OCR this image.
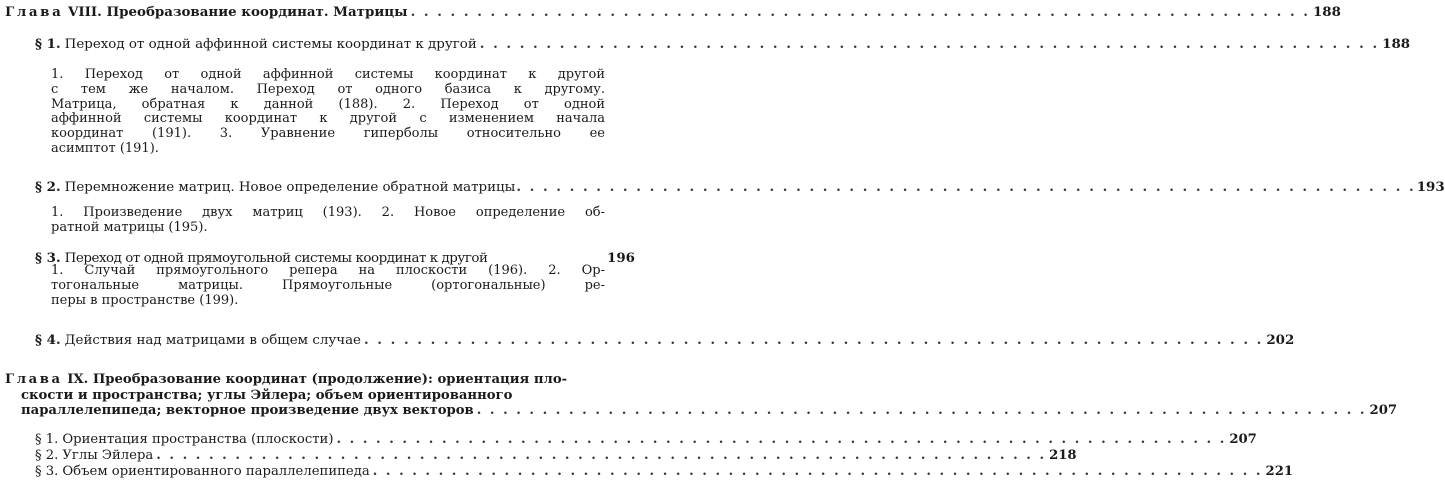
Глава VIII. Преобразование координат. Матрицы . . . . . . . . . . . . . . . . . . . . . . . . . . . . . . . . . . . . . . . . . . . . . . . . . . . . . . . . . . . . . . . . . . . . 188
§ 1. Переход от одной аффинной системы координат к другой . . . . . . . . . . . . . . . . . . . . . . . . . . . . . . . . . . . . . . . . . . . . . . . . . . . . . . . . . . . . . . . . . . . . 188
1. Переход от одной аффинной системы координат к другой
с тем же началом. Переход от одного базиса к другому.
Матрица, обратная к данной (188). 2. Переход от одной
аффинной системы координат к другой с изменением начала
координат (191). 3. Уравнение гиперболы относительно ее
асимптот (191).
§ 2. Перемножение матриц. Новое определение обратной матрицы . . . . . . . . . . . . . . . . . . . . . . . . . . . . . . . . . . . . . . . . . . . . . . . . . . . . . . . . . . . . . . . . . . . . 193
1. Произведение двух матриц (193). 2. Новое определение об-
ратной матрицы (195).
§ 3. Переход от одной прямоугольной системы координат к другой	196
1. Случай прямоугольного репера на плоскости (196). 2. Ор-
тогональные матрицы. Прямоугольные (ортогональные) ре-
перы в пространстве (199).
§ 4. Действия над матрицами в общем случае . . . . . . . . . . . . . . . . . . . . . . . . . . . . . . . . . . . . . . . . . . . . . . . . . . . . . . . . . . . . . . . . . . . . 202
Глава IX. Преобразование координат (продолжение): ориентация пло-
скости и пространства; углы Эйлера; объем ориентированного
параллелепипеда; векторное произведение двух векторов . . . . . . . . . . . . . . . . . . . . . . . . . . . . . . . . . . . . . . . . . . . . . . . . . . . . . . . . . . . . . . . . . . . . 207
§ 1. Ориентация пространства (плоскости) . . . . . . . . . . . . . . . . . . . . . . . . . . . . . . . . . . . . . . . . . . . . . . . . . . . . . . . . . . . . . . . . . . . . 207
§ 2. Углы Эйлера . . . . . . . . . . . . . . . . . . . . . . . . . . . . . . . . . . . . . . . . . . . . . . . . . . . . . . . . . . . . . . . . . . . . 218
§ 3. Объем ориентированного параллелепипеда . . . . . . . . . . . . . . . . . . . . . . . . . . . . . . . . . . . . . . . . . . . . . . . . . . . . . . . . . . . . . . . . . . . . 221
